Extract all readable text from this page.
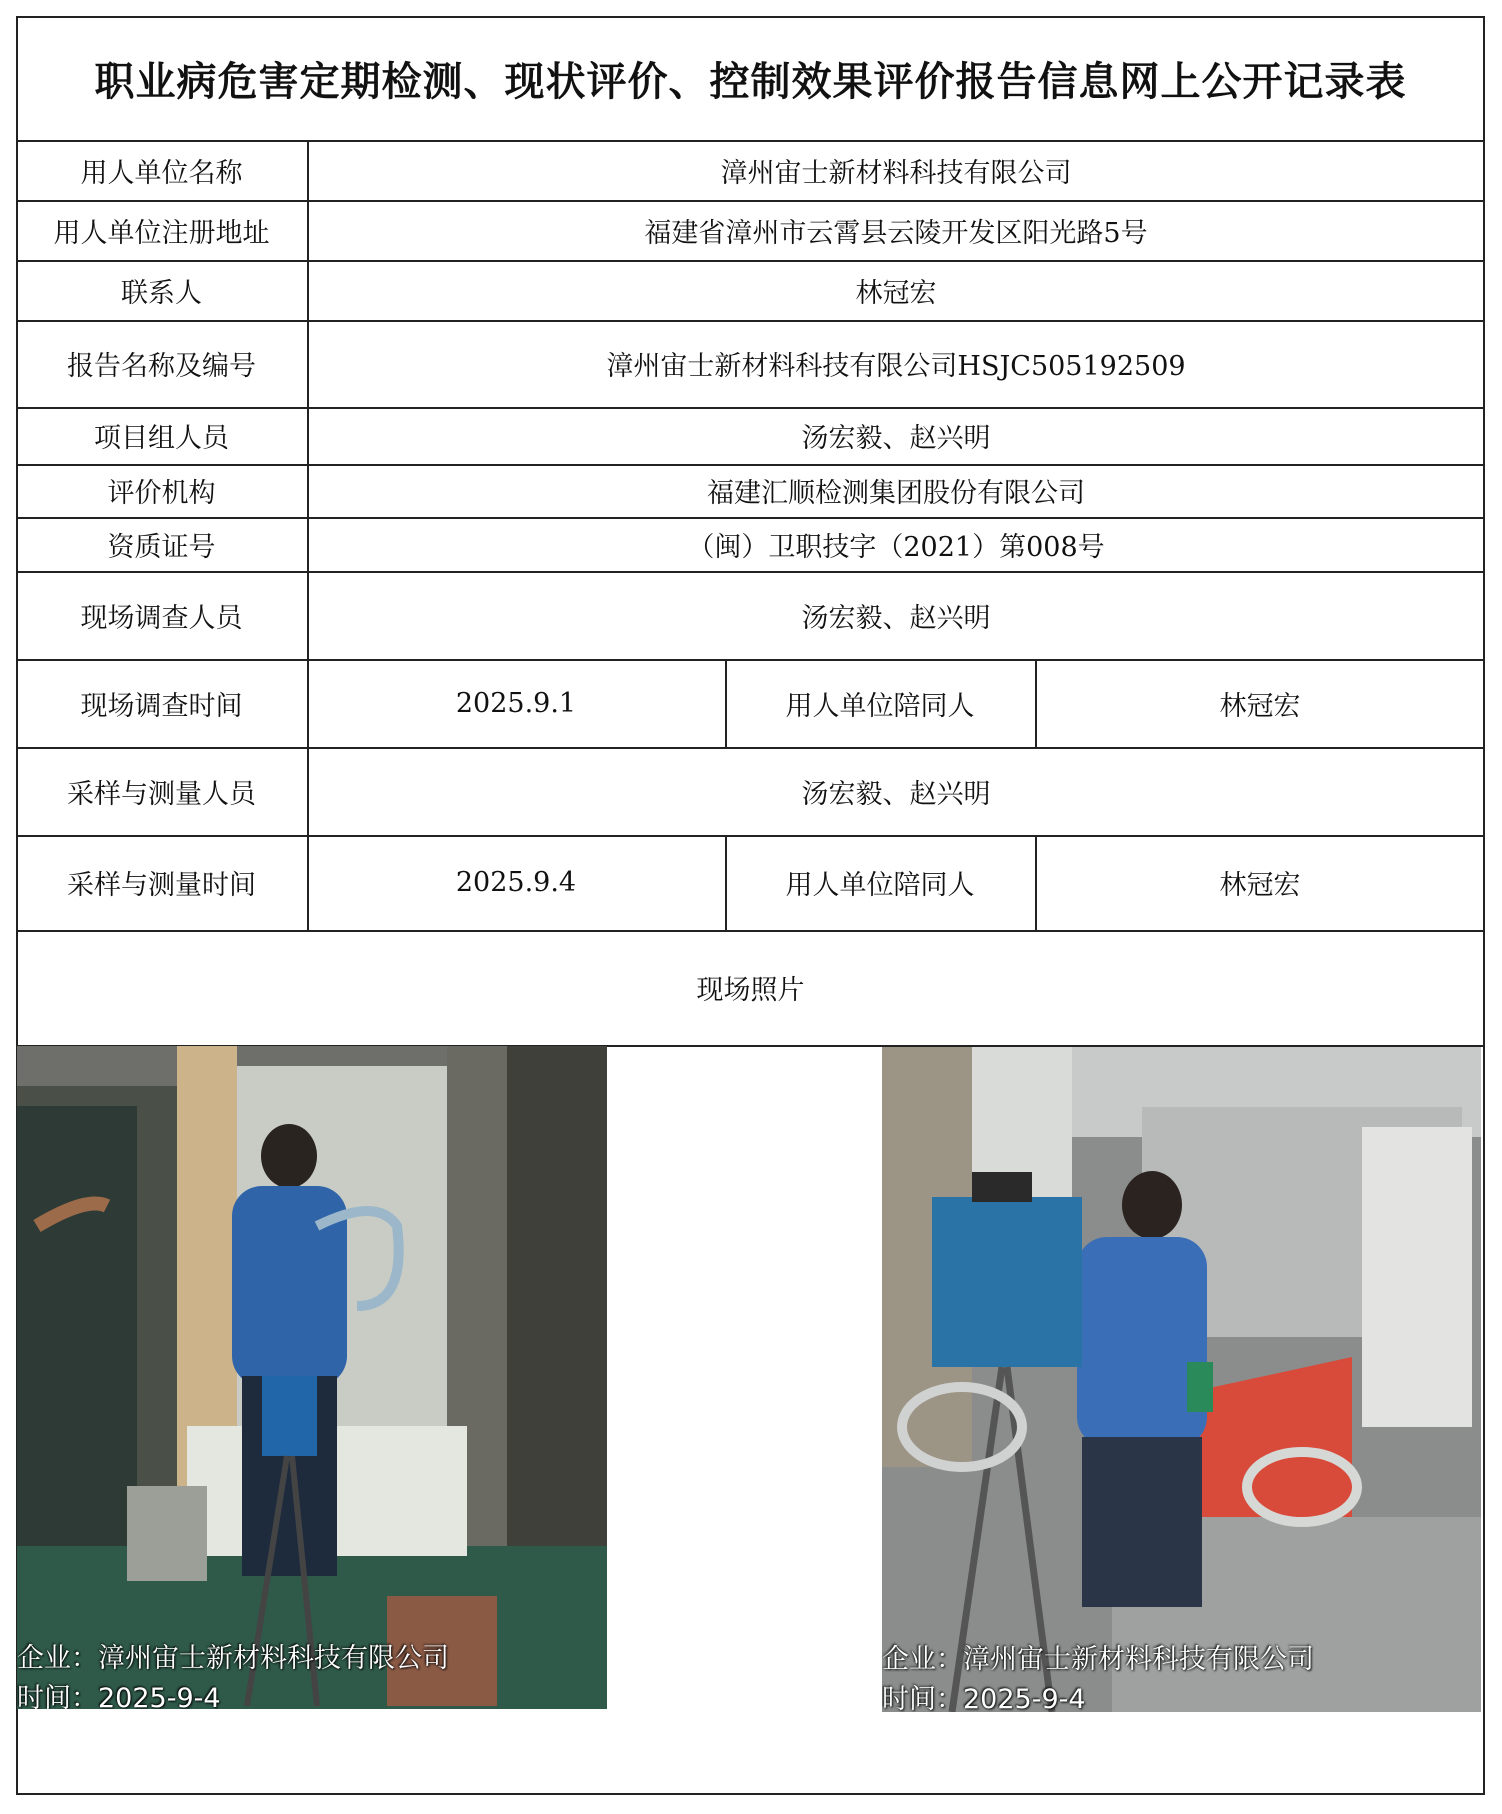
职业病危害定期检测、现状评价、控制效果评价报告信息网上公开记录表
用人单位名称	漳州宙士新材料科技有限公司
用人单位注册地址	福建省漳州市云霄县云陵开发区阳光路5号
联系人	林冠宏
报告名称及编号	漳州宙士新材料科技有限公司HSJC505192509
项目组人员	汤宏毅、赵兴明
评价机构	福建汇顺检测集团股份有限公司
资质证号	（闽）卫职技字（2021）第008号
现场调查人员	汤宏毅、赵兴明
现场调查时间	2025.9.1	用人单位陪同人	林冠宏
采样与测量人员	汤宏毅、赵兴明
采样与测量时间	2025.9.4	用人单位陪同人	林冠宏
现场照片
企业：漳州宙士新材料科技有限公司
时间：2025-9-4
企业：漳州宙士新材料科技有限公司
时间：2025-9-4
